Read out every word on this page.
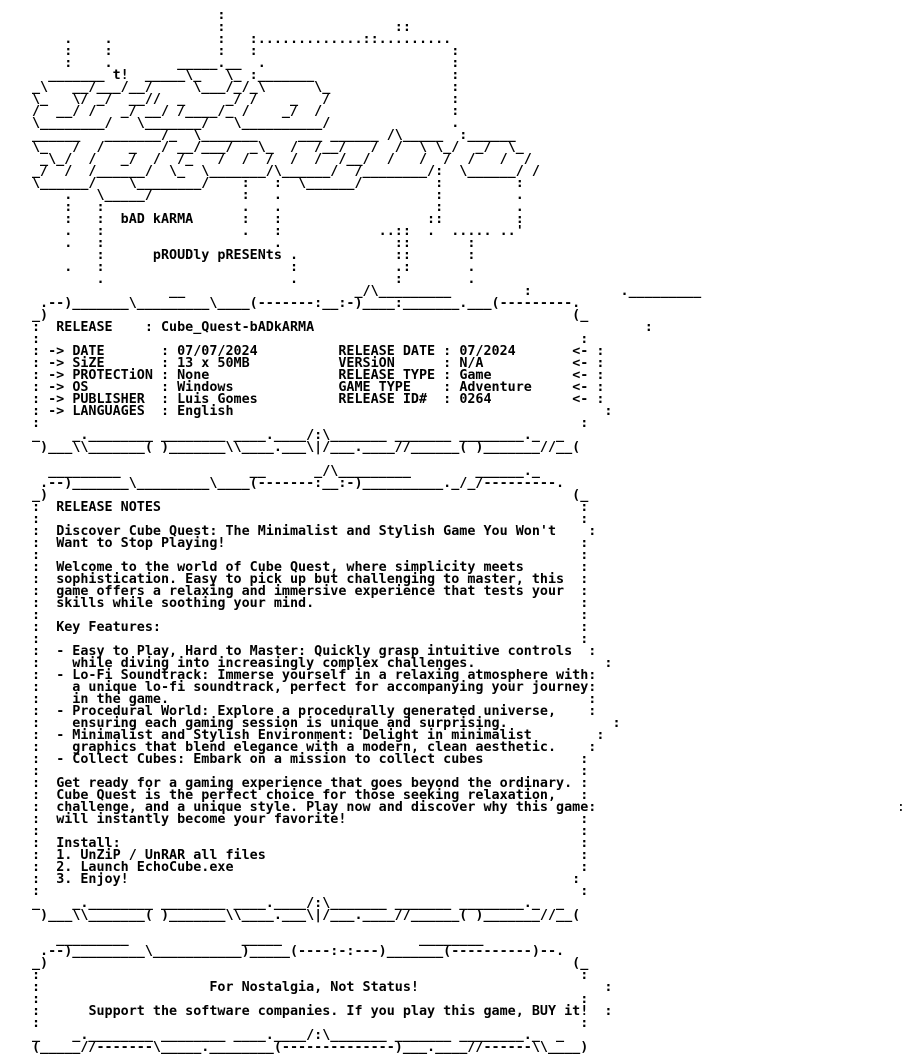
:
:                     ::
.    .             :   :.............::.........
:    :             :   :                        :
:    .        _____.__  .                       :
_______ t!  _____\_   \_ :_______                 :
_\   __/___/__/     \___/_/_\      \_               :
\_   \/ _/  __//  _     _/ /    _   /               :
/  __/ /   _/ __/ /____/_ /    _/  /                :
\________/   \_______/   \__________/               .
______   _______/_  \_______     ___ ______ /\_____  :______
\_   /  /   _   / __/___/  _\_  /  /__/   /  /  \ \_/  _/  \_
_\_/  /   _/  /  /_   /  /  /  /  /  /__/  /   /  /  /   /  /
_/  /  /______/  \_  \_______/\______/  /________/:  \______/ /
\______/    \________/    :   :  \______/         :         :
.   \_____/           :   .                   :         .
:   :                 .   .                   :         .
:   :  bAD kARMA      :   :                  ::         :
.   :                 .   :            ..::  .  ..... ..'
.   :                     .              ::       :
:      pROUDly pRESENts .            ::       :
.   :                       :            .:       .
.                       .            :        .
__                     _/\_________         :           ._________
.--)_______\_________\____(-------:__:-)____:_______.___(---------.
_)                                                                 (_
:  RELEASE    : Cube_Quest-bADkARMA	:
:                                                                   :
: -> DATE       : 07/07/2024	RELEASE DATE : 07/2024	<- :
: -> SiZE       : 13 x 50MB	VERSiON      : N/A	<- :
: -> PROTECTiON : None	RELEASE TYPE : Game	<- :
: -> OS         : Windows	GAME TYPE    : Adventure	<- :
: -> PUBLISHER  : Luis Gomes	RELEASE ID#  : 0264	<- :
: -> LANGUAGES  : English	:
:                                                                   :
_    _.________ ________ ____.____/:\_______ _______ ________._  _
)___\\_______( )_______\\____.___\|/___.____//______( )_______//__(

_________                __      _/\_________        ______._
.--)_______\_________\____(-------:__:-)__________._/_/---------.
_)                                                                 (_
:  RELEASE NOTES	:
:                                                                   :
:  Discover Cube Quest: The Minimalist and Stylish Game You Won't    :
:  Want to Stop Playing!	:
:                                                                   :
:  Welcome to the world of Cube Quest, where simplicity meets	:
:  sophistication. Easy to pick up but challenging to master, this  :
:  game offers a relaxing and immersive experience that tests your  :
:  skills while soothing your mind.	:
:                                                                   :
:  Key Features:	:
:                                                                   :
:  - Easy to Play, Hard to Master: Quickly grasp intuitive controls  :
:    while diving into increasingly complex challenges.	:
:  - Lo-Fi Soundtrack: Immerse yourself in a relaxing atmosphere with:
:    a unique lo-fi soundtrack, perfect for accompanying your journey:
:    in the game.	:
:  - Procedural World: Explore a procedurally generated universe,    :
:    ensuring each gaming session is unique and surprising.	:
:  - Minimalist and Stylish Environment: Delight in minimalist	:
:    graphics that blend elegance with a modern, clean aesthetic.    :
:  - Collect Cubes: Embark on a mission to collect cubes	:
:                                                                   :
:  Get ready for a gaming experience that goes beyond the ordinary. :
:  Cube Quest is the perfect choice for those seeking relaxation,   :
:  challenge, and a unique style. Play now and discover why this game:
:  will instantly become your favorite!	:
:                                                                   :
:  Install:	:
:  1. UnZiP / UnRAR all files	:
:  2. Launch EchoCube.exe	:
:  3. Enjoy!	:
:                                                                   :
_    _.________ ________ ____.____/:\_______ _______ ________._  _
)___\\_______( )_______\\____.___\|/___.____//______( )_______//__(

_________              _____                 ________
.--)_________\___________)_____(----:-:---)_______(----------)--.
_)                                                                 (_
:                                                                   :
:	For Nostalgia, Not Status!	:
:                                                                   :
:	Support the software companies. If you play this game, BUY it!  :
:                                                                   :
_    _.________ ________ ____.____/:\_______ _______ ________._  _
(_____//-------\_____.________(--------------)___.____//------\\____)
:
